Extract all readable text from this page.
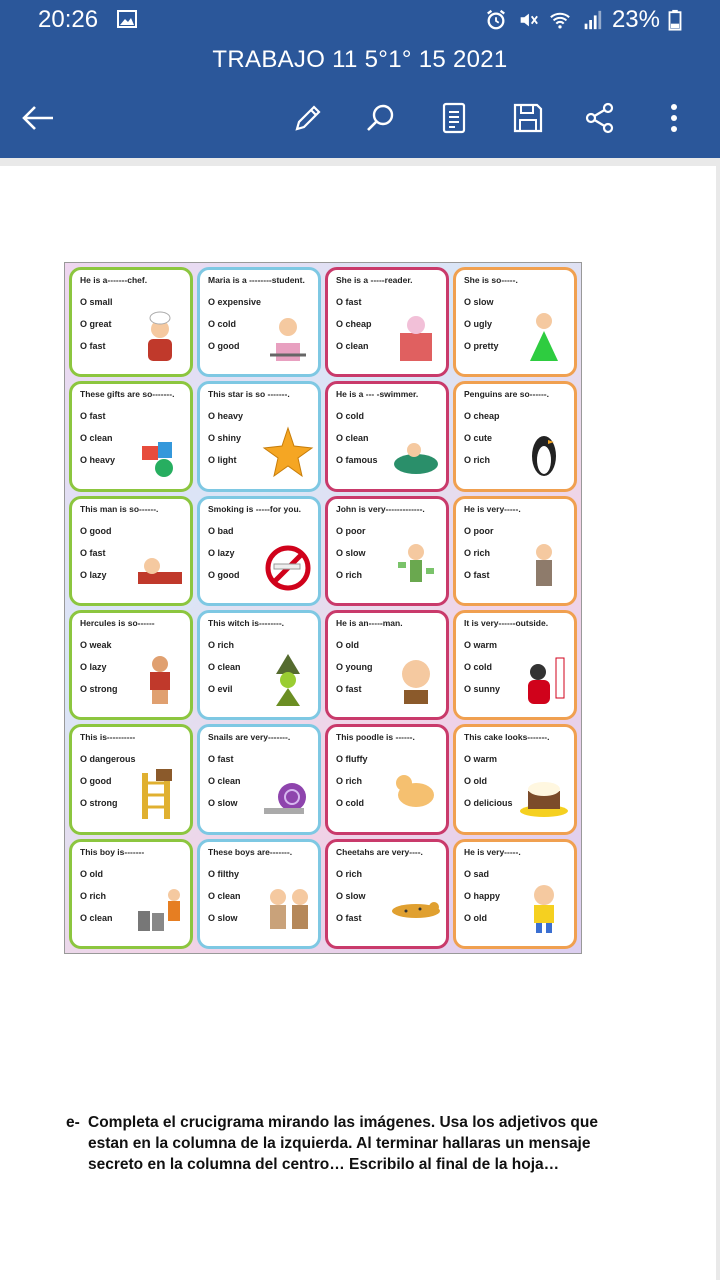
20:26	23%
TRABAJO 11 5°1° 15 2021
He is a-------chef.
O small
O great
O fast
Maria is a --------student.
O expensive
O cold
O good
She is a -----reader.
O fast
O cheap
O clean
She is so-----.
O slow
O ugly
O pretty
These gifts are so-------.
O fast
O clean
O heavy
This star is so -------.
O heavy
O shiny
O light
He is a --- -swimmer.
O cold
O clean
O famous
Penguins are so------.
O cheap
O cute
O rich
This man is so------.
O good
O fast
O lazy
Smoking is -----for you.
O bad
O lazy
O good
John is very-------------.
O poor
O slow
O rich
He is very-----.
O poor
O rich
O fast
Hercules is so------
O weak
O lazy
O strong
This witch is--------.
O rich
O clean
O evil
He is an-----man.
O old
O young
O fast
It is very------outside.
O warm
O cold
O sunny
This is----------
O dangerous
O good
O strong
Snails are very-------.
O fast
O clean
O slow
This poodle is ------.
O fluffy
O rich
O cold
This cake looks-------.
O warm
O old
O delicious
This boy is-------
O old
O rich
O clean
These boys are-------.
O filthy
O clean
O slow
Cheetahs are very----.
O rich
O slow
O fast
He is very-----.
O sad
O happy
O old
e- Completa el crucigrama mirando las imágenes. Usa los adjetivos que estan en la columna de la izquierda. Al terminar hallaras un mensaje secreto en la columna del centro… Escribilo al final de la hoja…
